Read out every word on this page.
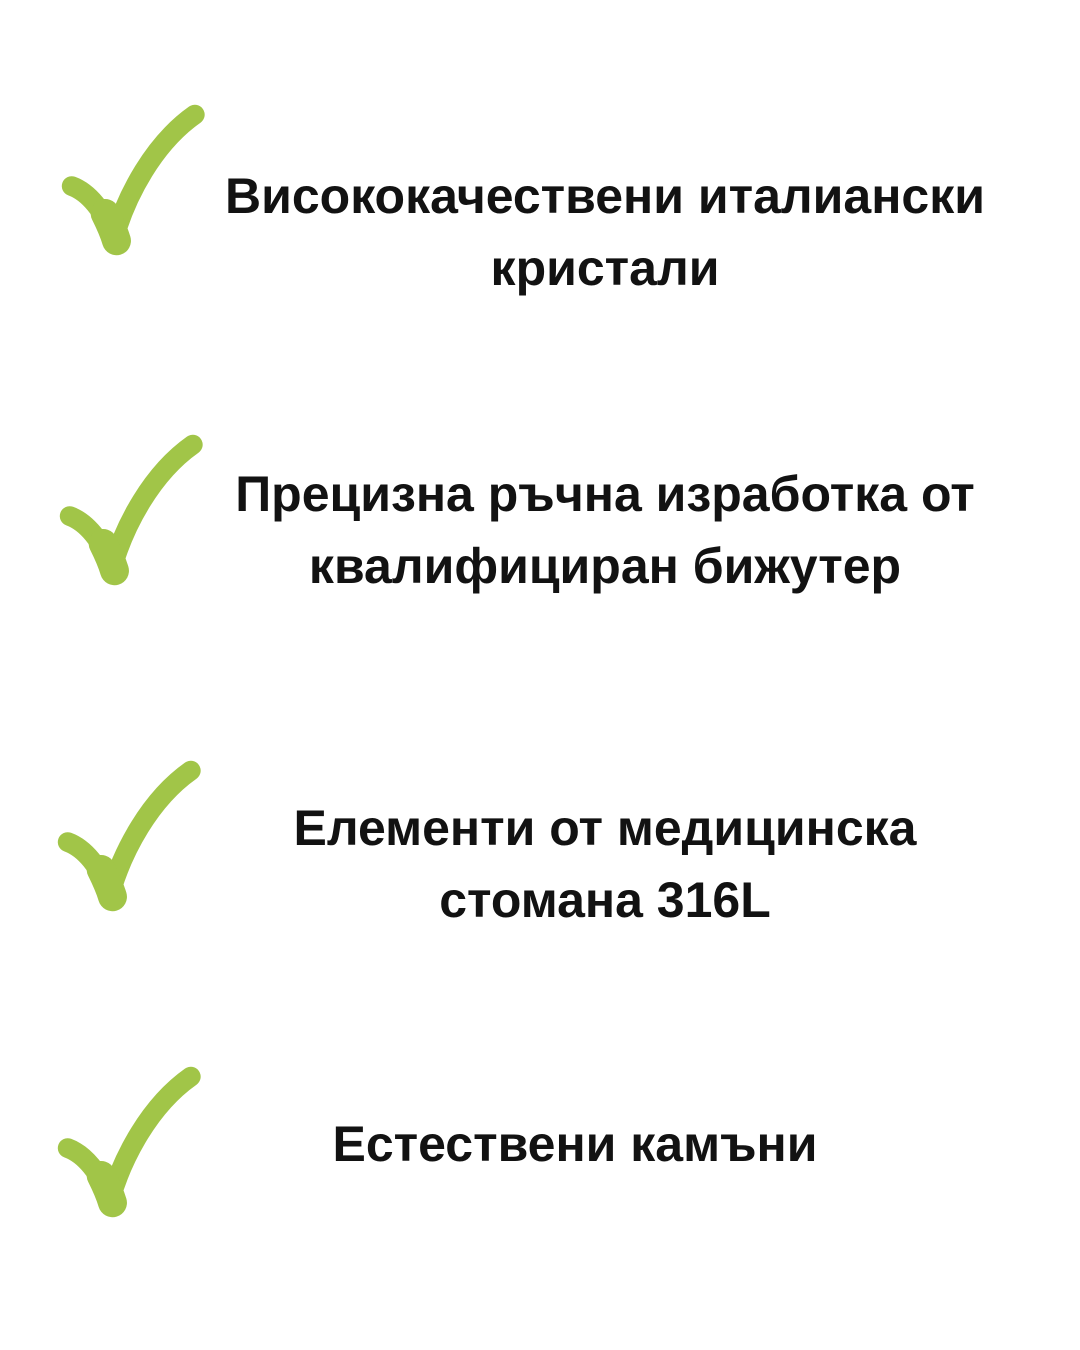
Висококачествени италиански
кристали
Прецизна ръчна изработка от
квалифициран бижутер
Елементи от медицинска
стомана 316L
Естествени камъни
